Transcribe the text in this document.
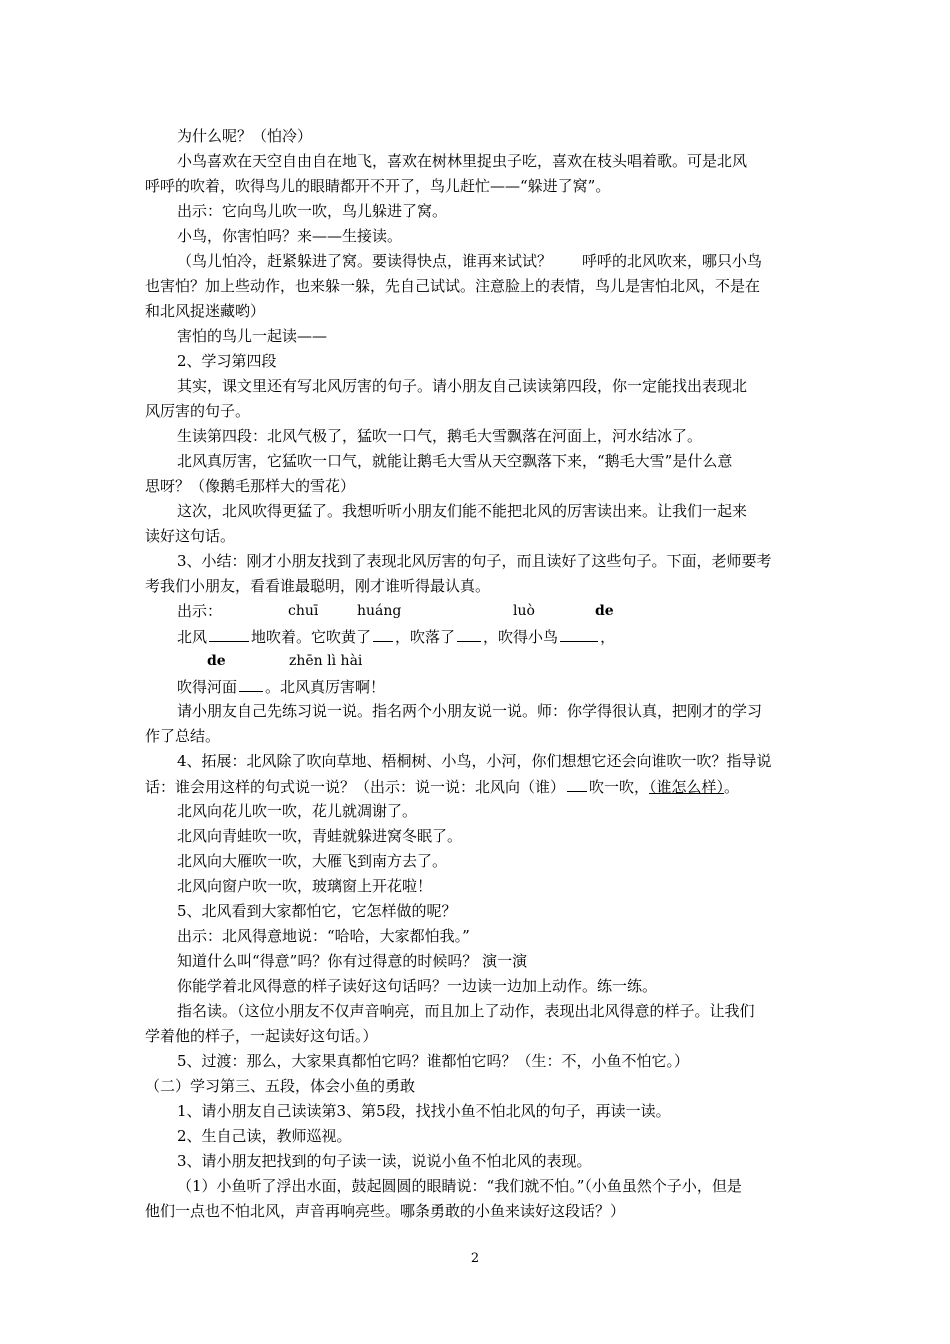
为什么呢？（怕冷）
小鸟喜欢在天空自由自在地飞，喜欢在树林里捉虫子吃，喜欢在枝头唱着歌。可是北风
呼呼的吹着，吹得鸟儿的眼睛都开不开了，鸟儿赶忙——“躲进了窝”。
出示：它向鸟儿吹一吹，鸟儿躲进了窝。
小鸟，你害怕吗？来——生接读。
（鸟儿怕冷，赶紧躲进了窝。要读得快点，谁再来试试？　　呼呼的北风吹来，哪只小鸟
也害怕？加上些动作，也来躲一躲，先自己试试。注意脸上的表情，鸟儿是害怕北风，不是在
和北风捉迷藏哟）
害怕的鸟儿一起读——
2、学习第四段
其实，课文里还有写北风厉害的句子。请小朋友自己读读第四段，你一定能找出表现北
风厉害的句子。
生读第四段：北风气极了，猛吹一口气，鹅毛大雪飘落在河面上，河水结冰了。
北风真厉害，它猛吹一口气，就能让鹅毛大雪从天空飘落下来，“鹅毛大雪”是什么意
思呀？（像鹅毛那样大的雪花）
这次，北风吹得更猛了。我想听听小朋友们能不能把北风的厉害读出来。让我们一起来
读好这句话。
3、小结：刚才小朋友找到了表现北风厉害的句子，而且读好了这些句子。下面，老师要考
考我们小朋友，看看谁最聪明，刚才谁听得最认真。
出示：	chuī	huáng	luò	de
北风	地吹着。它吹黄了 ，吹落了 ，吹得小鸟	，
de	zhēn lì hài
吹得河面 。北风真厉害啊！
请小朋友自己先练习说一说。指名两个小朋友说一说。师：你学得很认真，把刚才的学习
作了总结。
4、拓展：北风除了吹向草地、梧桐树、小鸟，小河，你们想想它还会向谁吹一吹？指导说
话：谁会用这样的句式说一说？（出示：说一说：北风向（谁） 吹一吹，（谁怎么样）。
北风向花儿吹一吹，花儿就凋谢了。
北风向青蛙吹一吹，青蛙就躲进窝冬眠了。
北风向大雁吹一吹，大雁飞到南方去了。
北风向窗户吹一吹，玻璃窗上开花啦！
5、北风看到大家都怕它，它怎样做的呢？
出示：北风得意地说：“哈哈，大家都怕我。”
知道什么叫“得意”吗？你有过得意的时候吗？ 演一演
你能学着北风得意的样子读好这句话吗？一边读一边加上动作。练一练。
指名读。（这位小朋友不仅声音响亮，而且加上了动作，表现出北风得意的样子。让我们
学着他的样子，一起读好这句话。）
5、过渡：那么，大家果真都怕它吗？谁都怕它吗？（生：不，小鱼不怕它。）
（二）学习第三、五段，体会小鱼的勇敢
1、请小朋友自己读读第3、第5段，找找小鱼不怕北风的句子，再读一读。
2、生自己读，教师巡视。
3、请小朋友把找到的句子读一读，说说小鱼不怕北风的表现。
（1）小鱼听了浮出水面，鼓起圆圆的眼睛说：“我们就不怕。”（小鱼虽然个子小，但是
他们一点也不怕北风，声音再响亮些。哪条勇敢的小鱼来读好这段话？）
2
